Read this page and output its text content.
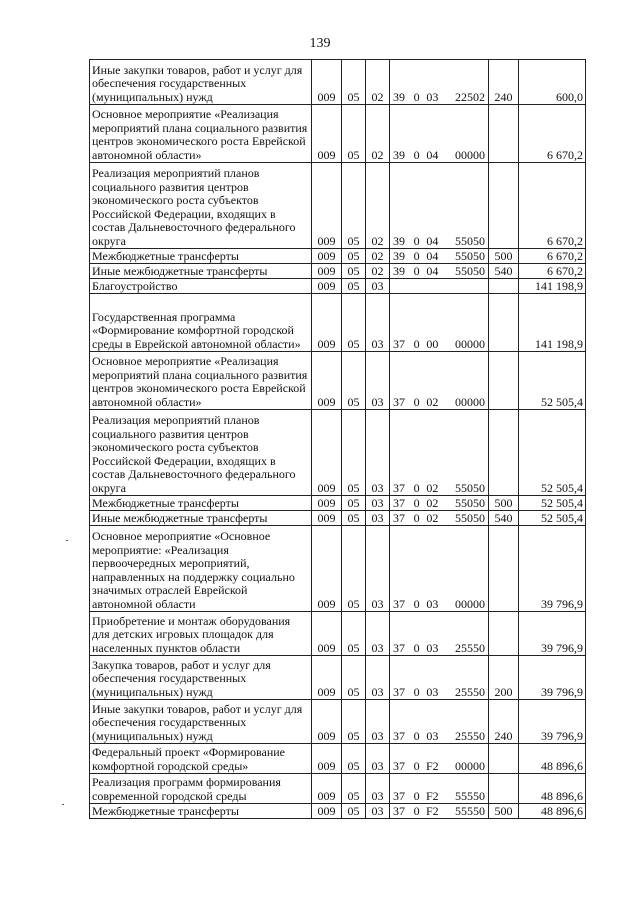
139
Иные закупки товаров, работ и услуг для обеспечения государственных (муниципальных) нужд	009	05	02	39 0 03 22502	240	600,0
Основное мероприятие «Реализация мероприятий плана социального развития центров экономического роста Еврейской автономной области»	009	05	02	39 0 04 00000		6 670,2
Реализация мероприятий планов социального развития центров экономического роста субъектов Российской Федерации, входящих в состав Дальневосточного федерального округа	009	05	02	39 0 04 55050		6 670,2
Межбюджетные трансферты	009	05	02	39 0 04 55050	500	6 670,2
Иные межбюджетные трансферты	009	05	02	39 0 04 55050	540	6 670,2
Благоустройство	009	05	03			141 198,9
Государственная программа «Формирование комфортной городской среды в Еврейской автономной области»	009	05	03	37 0 00 00000		141 198,9
Основное мероприятие «Реализация мероприятий плана социального развития центров экономического роста Еврейской автономной области»	009	05	03	37 0 02 00000		52 505,4
Реализация мероприятий планов социального развития центров экономического роста субъектов Российской Федерации, входящих в состав Дальневосточного федерального округа	009	05	03	37 0 02 55050		52 505,4
Межбюджетные трансферты	009	05	03	37 0 02 55050	500	52 505,4
Иные межбюджетные трансферты	009	05	03	37 0 02 55050	540	52 505,4
Основное мероприятие «Основное мероприятие: «Реализация первоочередных мероприятий, направленных на поддержку социально значимых отраслей Еврейской автономной области	009	05	03	37 0 03 00000		39 796,9
Приобретение и монтаж оборудования для детских игровых площадок для населенных пунктов области	009	05	03	37 0 03 25550		39 796,9
Закупка товаров, работ и услуг для обеспечения государственных (муниципальных) нужд	009	05	03	37 0 03 25550	200	39 796,9
Иные закупки товаров, работ и услуг для обеспечения государственных (муниципальных) нужд	009	05	03	37 0 03 25550	240	39 796,9
Федеральный проект «Формирование комфортной городской среды»	009	05	03	37 0 F2 00000		48 896,6
Реализация программ формирования современной городской среды	009	05	03	37 0 F2 55550		48 896,6
Межбюджетные трансферты	009	05	03	37 0 F2 55550	500	48 896,6
